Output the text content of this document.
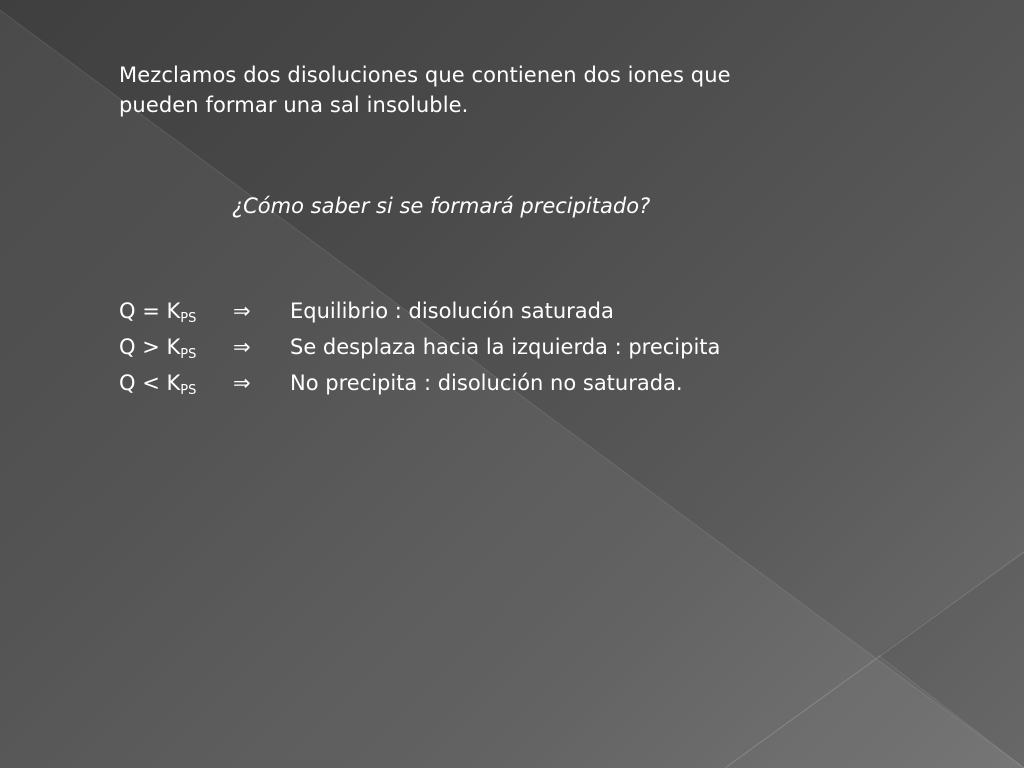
Mezclamos dos disoluciones que contienen dos iones que
pueden formar una sal insoluble.
¿Cómo saber si se formará precipitado?
$Q = K_{PS}$ ⇒ Equilibrio : disolución saturada
$Q > K_{PS}$ ⇒ Se desplaza hacia la izquierda : precipita
$Q < K_{PS}$ ⇒ No precipita : disolución no saturada.
